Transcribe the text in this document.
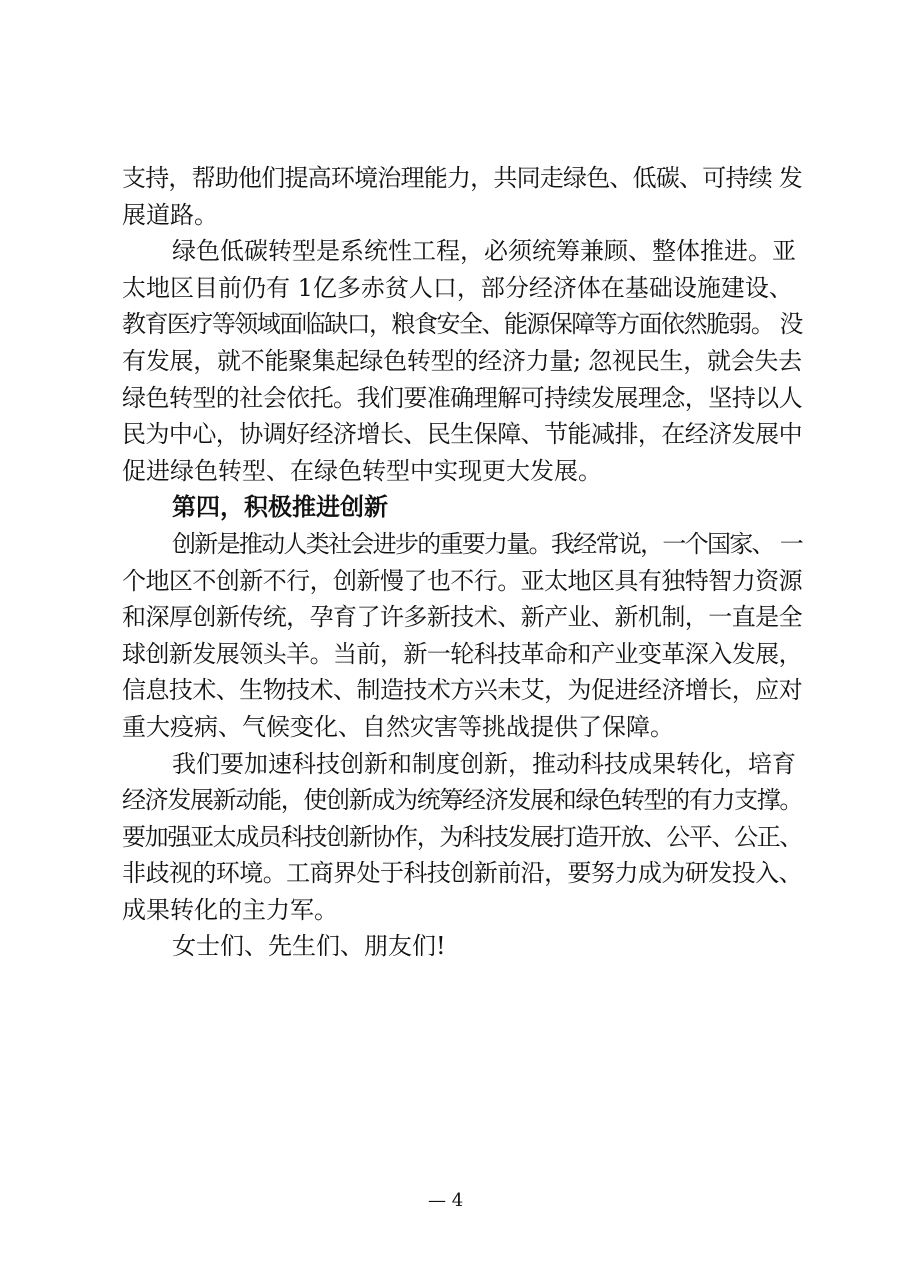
支持，帮助他们提高环境治理能力，共同走绿色、低碳、可持续 发

展道路。

绿色低碳转型是系统性工程，必须统筹兼顾、整体推进。亚

太地区目前仍有 1亿多赤贫人口，部分经济体在基础设施建设、

教育医疗等领域面临缺口，粮食安全、能源保障等方面依然脆弱。 没

有发展，就不能聚集起绿色转型的经济力量; 忽视民生，就会失去

绿色转型的社会依托。我们要准确理解可持续发展理念，坚持以人

民为中心，协调好经济增长、民生保障、节能减排，在经济发展中

促进绿色转型、在绿色转型中实现更大发展。

第四，积极推进创新

创新是推动人类社会进步的重要力量。我经常说，一个国家、 一

个地区不创新不行，创新慢了也不行。亚太地区具有独特智力资源

和深厚创新传统，孕育了许多新技术、新产业、新机制，一直是全

球创新发展领头羊。当前，新一轮科技革命和产业变革深入发展，

信息技术、生物技术、制造技术方兴未艾，为促进经济增长，应对

重大疫病、气候变化、自然灾害等挑战提供了保障。

我们要加速科技创新和制度创新，推动科技成果转化，培育

经济发展新动能，使创新成为统筹经济发展和绿色转型的有力支撑。

要加强亚太成员科技创新协作，为科技发展打造开放、公平、公正、

非歧视的环境。工商界处于科技创新前沿，要努力成为研发投入、

成果转化的主力军。

女士们、先生们、朋友们!

— 4
